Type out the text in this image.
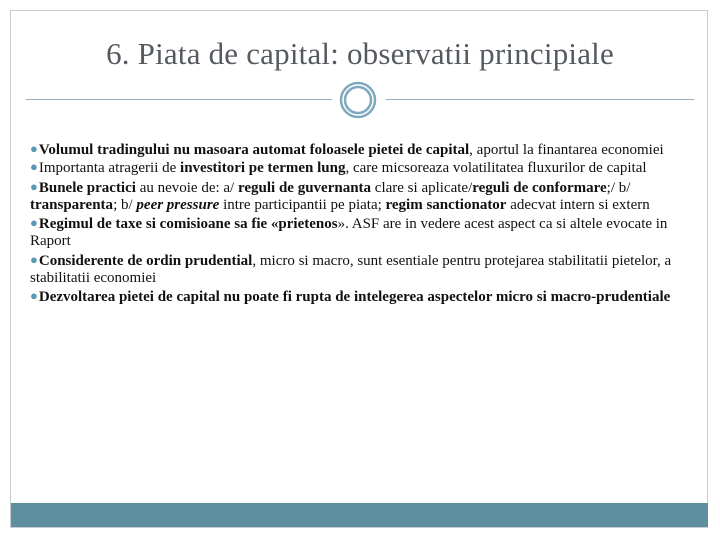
6. Piata de capital: observatii principiale
●Volumul tradingului nu masoara automat foloasele pietei de capital, aportul la finantarea economiei
●Importanta atragerii de investitori pe termen lung, care micsoreaza volatilitatea fluxurilor de capital
●Bunele practici au nevoie de: a/ reguli de guvernanta clare si aplicate/reguli de conformare;/ b/ transparenta; b/ peer pressure intre participantii pe piata; regim sanctionator adecvat intern si extern
●Regimul de taxe si comisioane sa fie «prietenos». ASF are in vedere acest aspect ca si altele evocate in Raport
●Considerente de ordin prudential, micro si macro, sunt esentiale pentru protejarea stabilitatii pietelor, a stabilitatii economiei
●Dezvoltarea pietei de capital nu poate fi rupta de intelegerea aspectelor micro si macro-prudentiale
